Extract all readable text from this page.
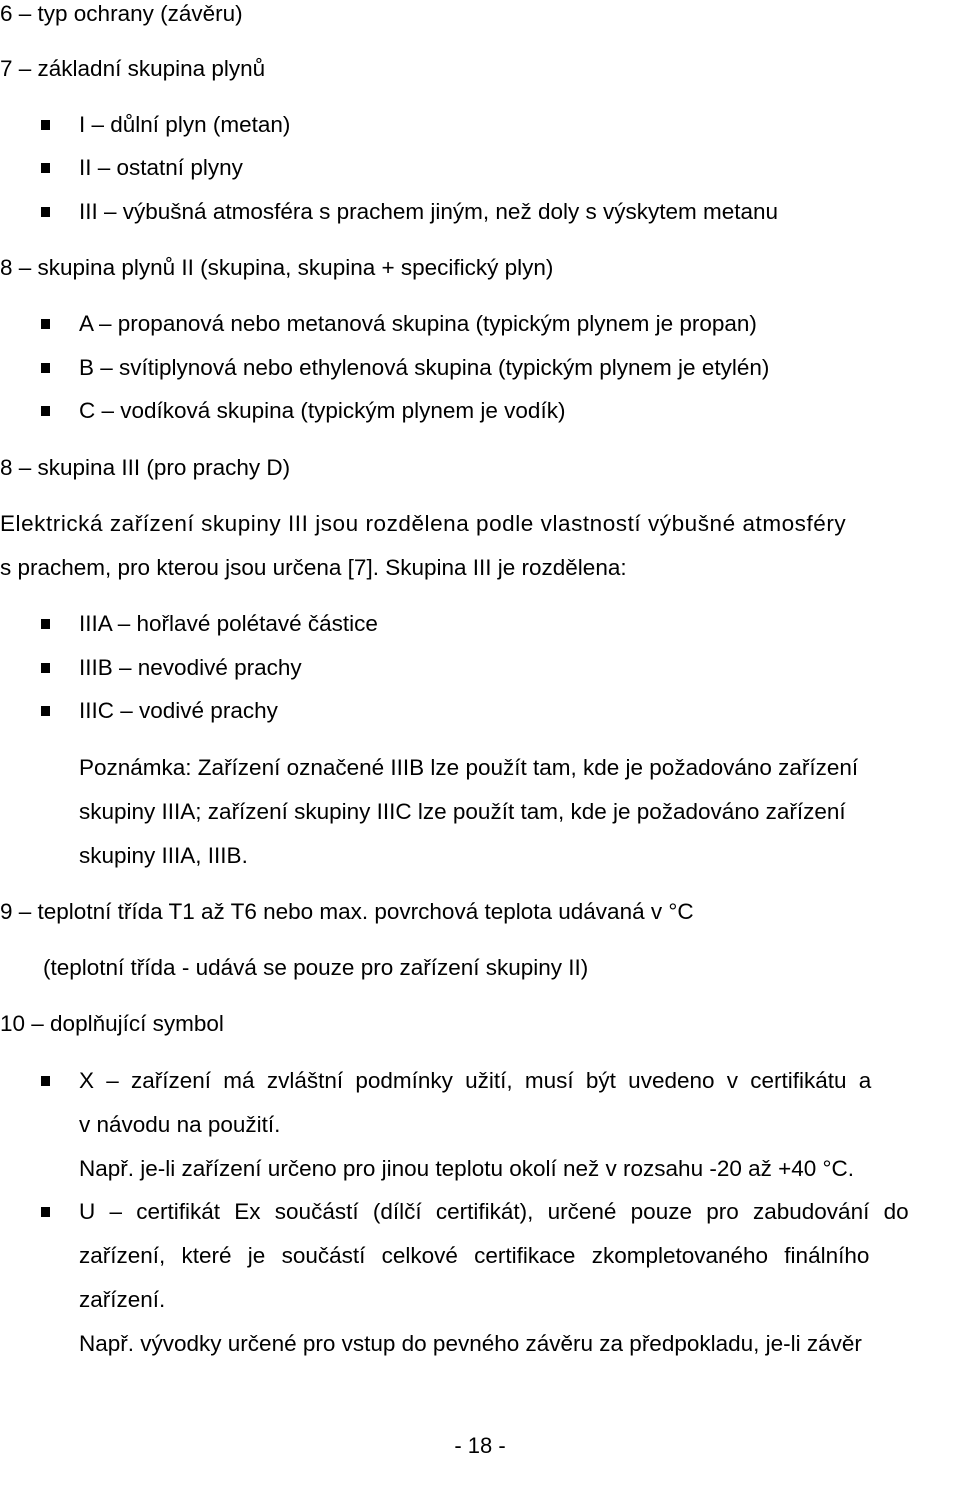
6 – typ ochrany (závěru)
7 – základní skupina plynů
I – důlní plyn (metan)
II – ostatní plyny
III – výbušná atmosféra s prachem jiným, než doly s výskytem metanu
8 – skupina plynů II (skupina, skupina + specifický plyn)
A – propanová nebo metanová skupina (typickým plynem je propan)
B – svítiplynová nebo ethylenová skupina (typickým plynem je etylén)
C – vodíková skupina (typickým plynem je vodík)
8 – skupina III (pro prachy D)
Elektrická zařízení skupiny III jsou rozdělena podle vlastností výbušné atmosféry
s prachem, pro kterou jsou určena [7]. Skupina III je rozdělena:
IIIA – hořlavé polétavé částice
IIIB – nevodivé prachy
IIIC – vodivé prachy
Poznámka: Zařízení označené IIIB lze použít tam, kde je požadováno zařízení
skupiny IIIA; zařízení skupiny IIIC lze použít tam, kde je požadováno zařízení
skupiny IIIA, IIIB.
9 – teplotní třída T1 až T6 nebo max. povrchová teplota udávaná v °C
(teplotní třída - udává se pouze pro zařízení skupiny II)
10 – doplňující symbol
X – zařízení má zvláštní podmínky užití, musí být uvedeno v certifikátu a
v návodu na použití.
Např. je-li zařízení určeno pro jinou teplotu okolí než v rozsahu -20 až +40 °C.
U – certifikát Ex součástí (dílčí certifikát), určené pouze pro zabudování do
zařízení, které je součástí celkové certifikace zkompletovaného finálního
zařízení.
Např. vývodky určené pro vstup do pevného závěru za předpokladu, je-li závěr
- 18 -
